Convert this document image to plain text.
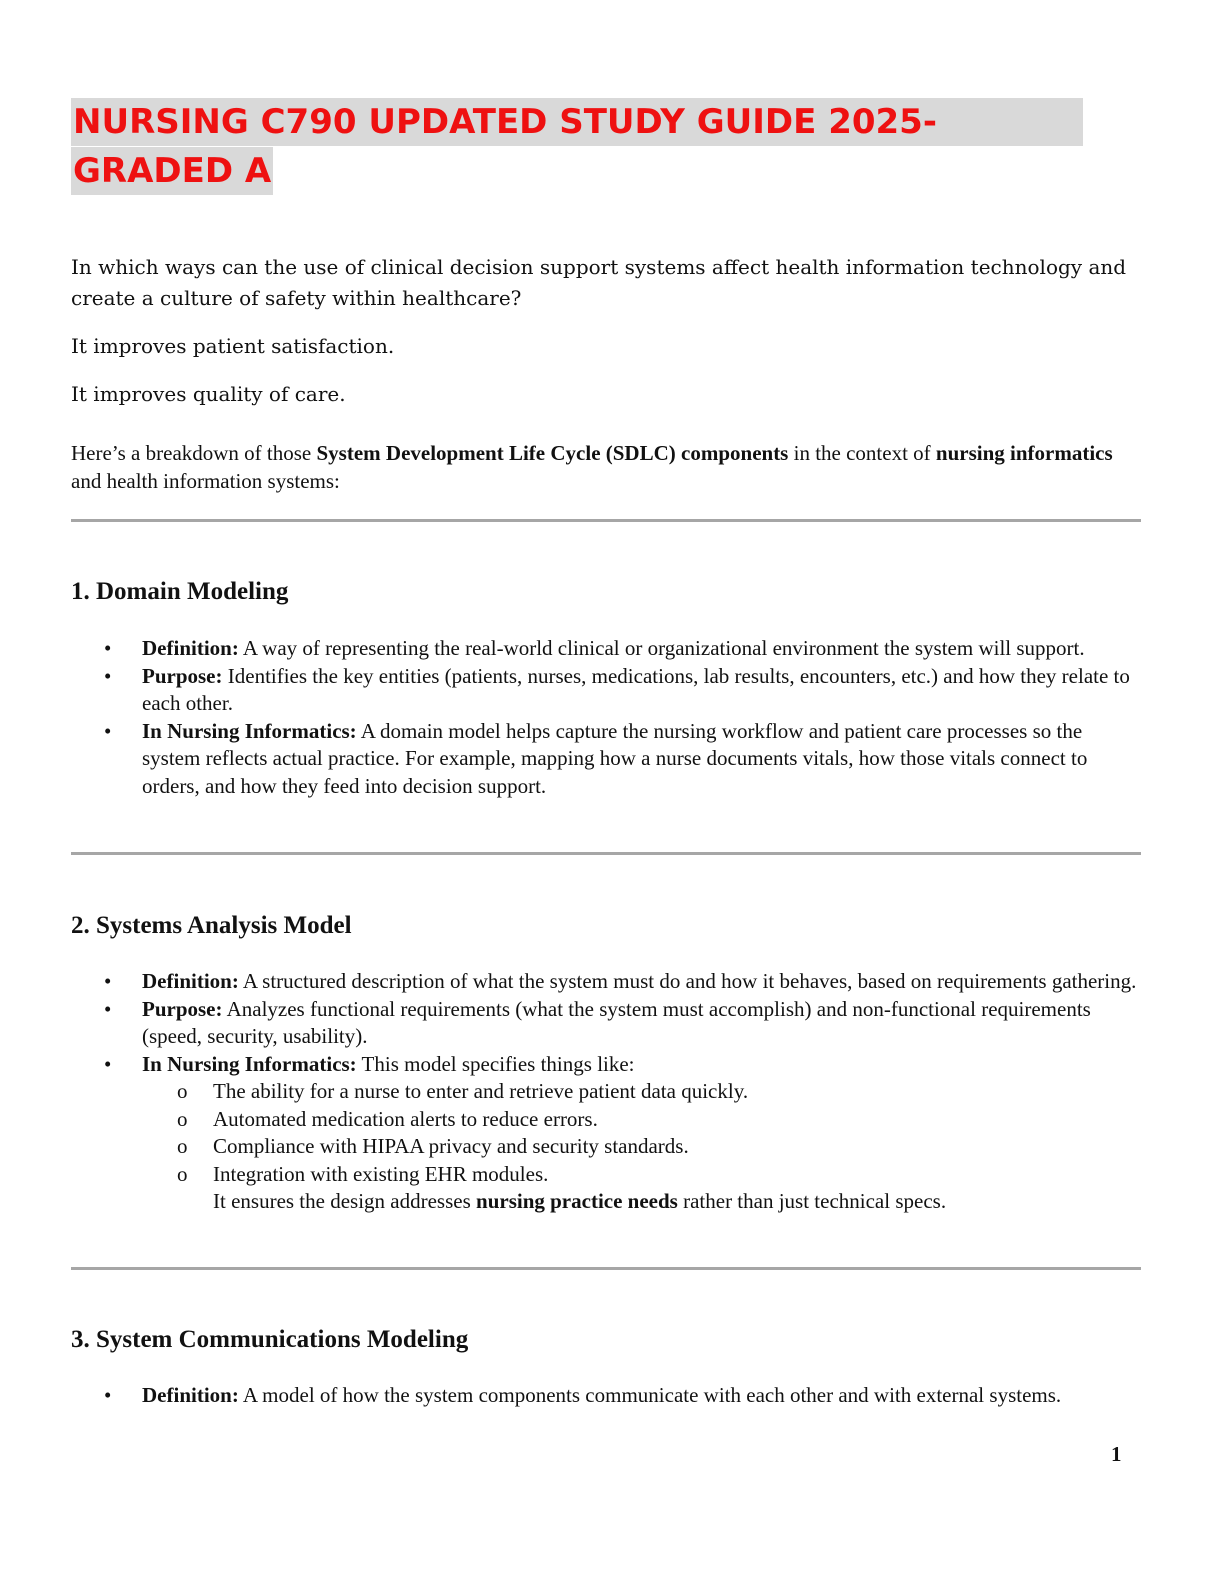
NURSING C790 UPDATED STUDY GUIDE 2025-
GRADED A
In which ways can the use of clinical decision support systems affect health information technology and create a culture of safety within healthcare?
It improves patient satisfaction.
It improves quality of care.
Here’s a breakdown of those System Development Life Cycle (SDLC) components in the context of nursing informatics and health information systems:
1. Domain Modeling
• Definition: A way of representing the real-world clinical or organizational environment the system will support.
• Purpose: Identifies the key entities (patients, nurses, medications, lab results, encounters, etc.) and how they relate to each other.
• In Nursing Informatics: A domain model helps capture the nursing workflow and patient care processes so the system reflects actual practice. For example, mapping how a nurse documents vitals, how those vitals connect to orders, and how they feed into decision support.
2. Systems Analysis Model
• Definition: A structured description of what the system must do and how it behaves, based on requirements gathering.
• Purpose: Analyzes functional requirements (what the system must accomplish) and non-functional requirements (speed, security, usability).
• In Nursing Informatics: This model specifies things like:
o The ability for a nurse to enter and retrieve patient data quickly.
o Automated medication alerts to reduce errors.
o Compliance with HIPAA privacy and security standards.
o Integration with existing EHR modules.
It ensures the design addresses nursing practice needs rather than just technical specs.
3. System Communications Modeling
• Definition: A model of how the system components communicate with each other and with external systems.
1
